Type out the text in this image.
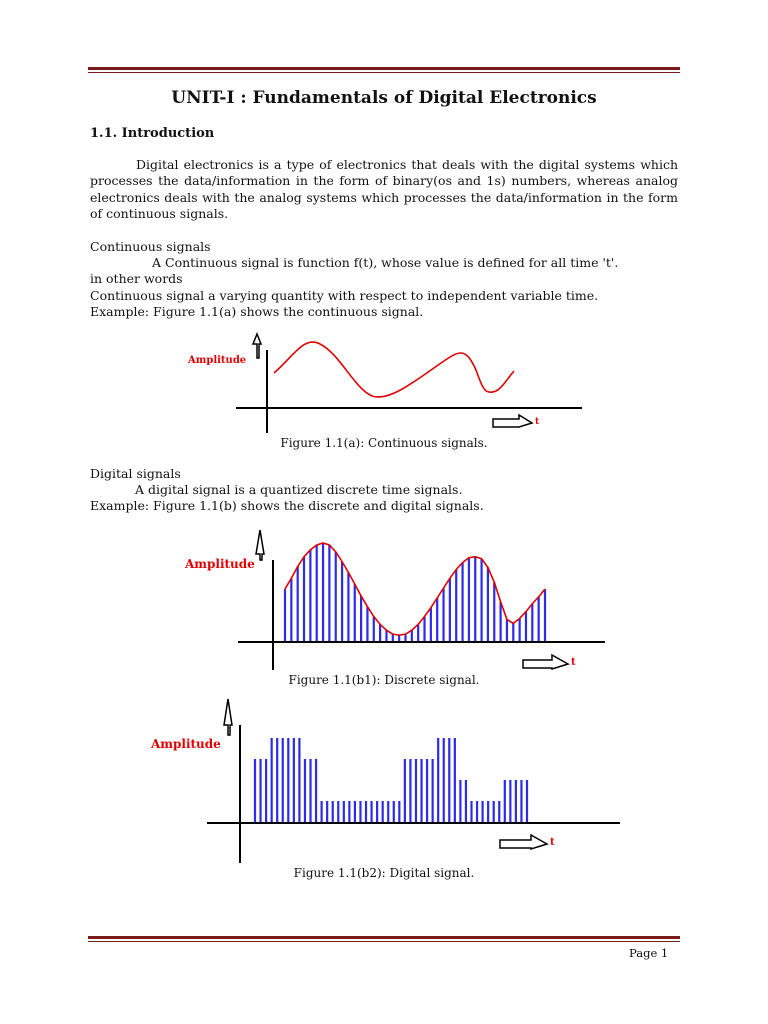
UNIT-I : Fundamentals of Digital Electronics
1.1. Introduction
Digital electronics is a type of electronics that deals with the digital systems which processes the data/information in the form of binary(os and 1s) numbers, whereas analog electronics deals with the analog systems which processes the data/information in the form of continuous signals.
Continuous signals
A Continuous signal is function f(t), whose value is defined for all time 't'.
in other words
Continuous signal a varying quantity with respect to independent variable time.
Example: Figure 1.1(a) shows the continuous signal.
Amplitude
t
Figure 1.1(a): Continuous signals.
Digital signals
A digital signal is a quantized discrete time signals.
Example: Figure 1.1(b) shows the discrete and digital signals.
Amplitude
t
Figure 1.1(b1): Discrete signal.
Amplitude
t
Figure 1.1(b2): Digital signal.
Page 1
